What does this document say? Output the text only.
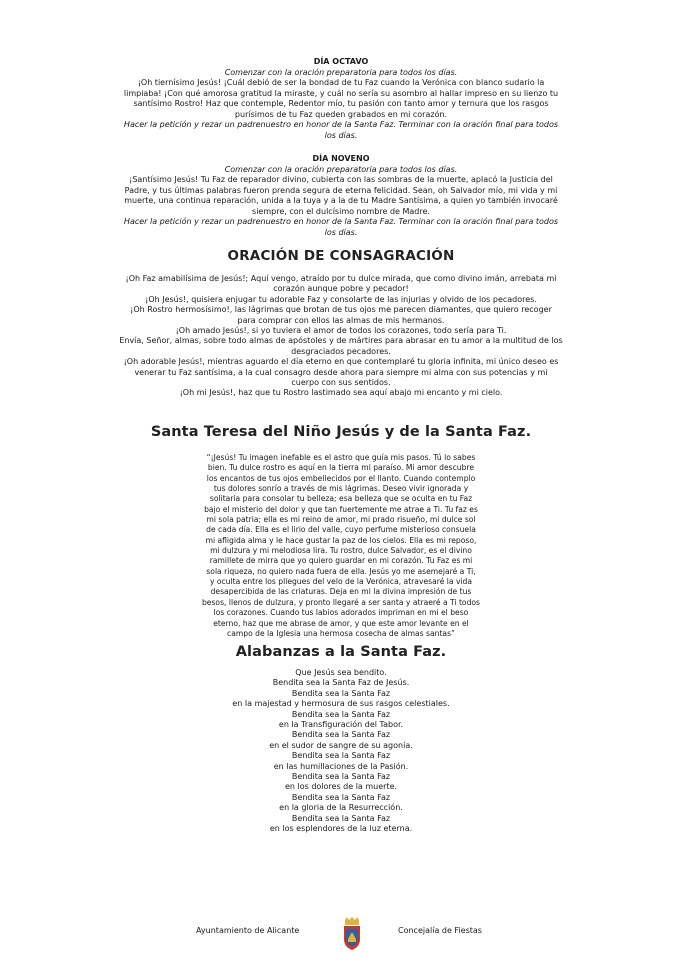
DÍA OCTAVO

Comenzar con la oración preparatoria para todos los días.

¡Oh tiernísimo Jesús! ¡Cuál debió de ser la bondad de tu Faz cuando la Verónica con blanco sudario la

limpiaba! ¡Con qué amorosa gratitud la miraste, y cuál no sería su asombro al hallar impreso en su lienzo tu

santísimo Rostro! Haz que contemple, Redentor mío, tu pasión con tanto amor y ternura que los rasgos

purísimos de tu Faz queden grabados en mi corazón.

Hacer la petición y rezar un padrenuestro en honor de la Santa Faz. Terminar con la oración final para todos

los días.

DÍA NOVENO

Comenzar con la oración preparatoria para todos los días.

¡Santísimo Jesús! Tu Faz de reparador divino, cubierta con las sombras de la muerte, aplacó la Justicia del

Padre, y tus últimas palabras fueron prenda segura de eterna felicidad. Sean, oh Salvador mío, mi vida y mi

muerte, una continua reparación, unida a la tuya y a la de tu Madre Santísima, a quien yo también invocaré

siempre, con el dulcísimo nombre de Madre.

Hacer la petición y rezar un padrenuestro en honor de la Santa Faz. Terminar con la oración final para todos

los días.

ORACIÓN DE CONSAGRACIÓN

¡Oh Faz amabilísima de Jesús!; Aquí vengo, atraído por tu dulce mirada, que como divino imán, arrebata mi

corazón aunque pobre y pecador!

¡Oh Jesús!, quisiera enjugar tu adorable Faz y consolarte de las injurias y olvido de los pecadores.

¡Oh Rostro hermosísimo!, las lágrimas que brotan de tus ojos me parecen diamantes, que quiero recoger

para comprar con ellos las almas de mis hermanos.

¡Oh amado Jesús!, si yo tuviera el amor de todos los corazones, todo sería para Ti.

Envía, Señor, almas, sobre todo almas de apóstoles y de mártires para abrasar en tu amor a la multitud de los

desgraciados pecadores.

¡Oh adorable Jesús!, mientras aguardo el día eterno en que contemplaré tu gloria infinita, mi único deseo es

venerar tu Faz santísima, a la cual consagro desde ahora para siempre mi alma con sus potencias y mi

cuerpo con sus sentidos.

¡Oh mi Jesús!, haz que tu Rostro lastimado sea aquí abajo mi encanto y mi cielo.

Santa Teresa del Niño Jesús y de la Santa Faz.

“¡Jesús! Tu imagen inefable es el astro que guía mis pasos. Tú lo sabes

bien. Tu dulce rostro es aquí en la tierra mi paraíso. Mi amor descubre

los encantos de tus ojos embellecidos por el llanto. Cuando contemplo

tus dolores sonrío a través de mis lágrimas. Deseo vivir ignorada y

solitaria para consolar tu belleza; esa belleza que se oculta en tu Faz

bajo el misterio del dolor y que tan fuertemente me atrae a Ti. Tu faz es

mi sola patria; ella es mi reino de amor, mi prado risueño, mi dulce sol

de cada día. Ella es el lirio del valle, cuyo perfume misterioso consuela

mi afligida alma y le hace gustar la paz de los cielos. Ella es mi reposo,

mi dulzura y mi melodiosa lira. Tu rostro, dulce Salvador, es el divino

ramillete de mirra que yo quiero guardar en mi corazón. Tu Faz es mi

sola riqueza, no quiero nada fuera de ella. Jesús yo me asemejaré a Ti,

y oculta entre los pliegues del velo de la Verónica, atravesaré la vida

desapercibida de las criaturas. Deja en mi la divina impresión de tus

besos, llenos de dulzura, y pronto llegaré a ser santa y atraeré a Ti todos

los corazones. Cuando tus labios adorados impriman en mi el beso

eterno, haz que me abrase de amor, y que este amor levante en el

campo de la Iglesia una hermosa cosecha de almas santas”

Alabanzas a la Santa Faz.

Que Jesús sea bendito.

Bendita sea la Santa Faz de Jesús.

Bendita sea la Santa Faz

en la majestad y hermosura de sus rasgos celestiales.

Bendita sea la Santa Faz

en la Transfiguración del Tabor.

Bendita sea la Santa Faz

en el sudor de sangre de su agonía.

Bendita sea la Santa Faz

en las humillaciones de la Pasión.

Bendita sea la Santa Faz

en los dolores de la muerte.

Bendita sea la Santa Faz

en la gloria de la Resurrección.

Bendita sea la Santa Faz

en los esplendores de la luz eterna.

Ayuntamiento de Alicante	Concejalía de Fiestas
